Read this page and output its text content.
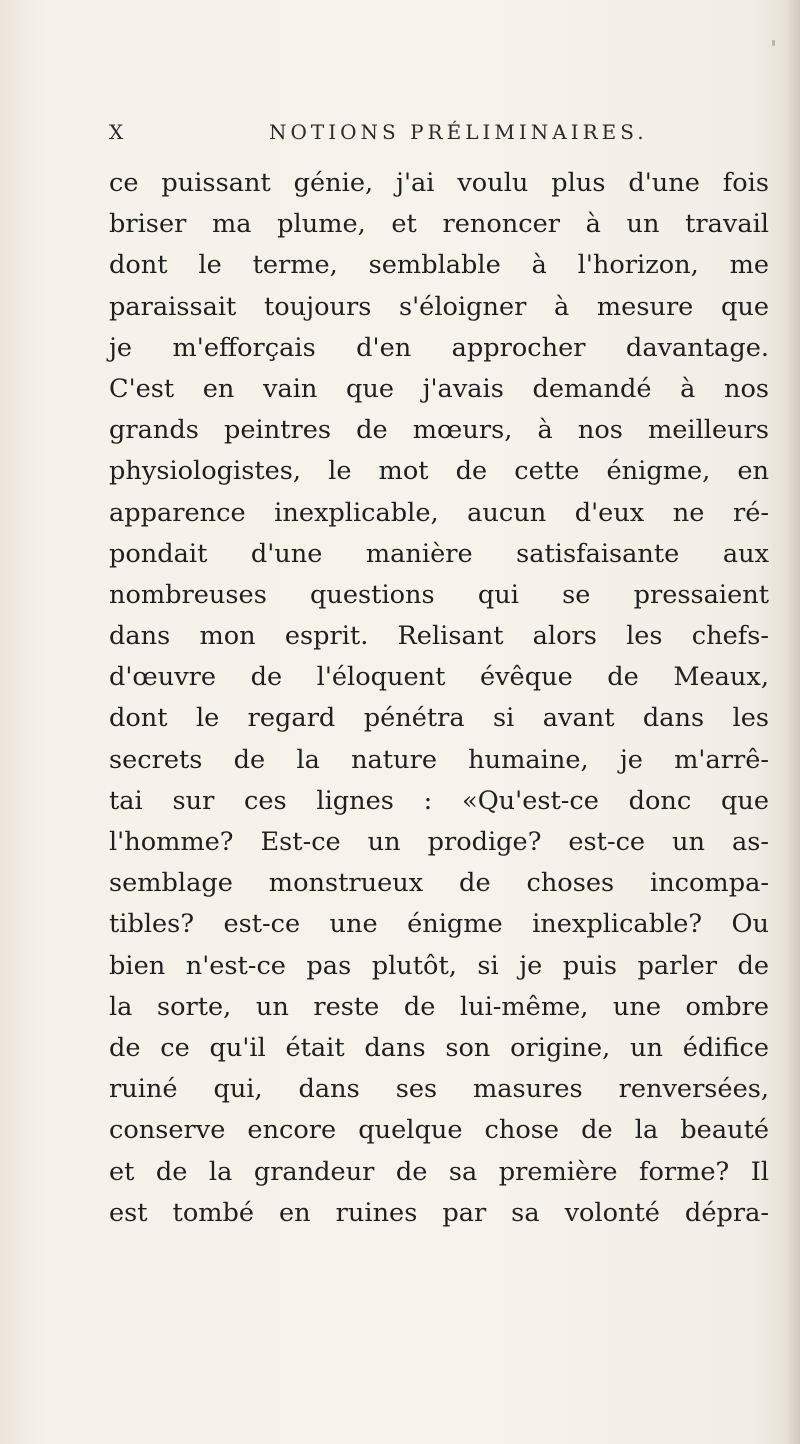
X	NOTIONS PRÉLIMINAIRES.
ce puissant génie, j'ai voulu plus d'une fois
briser ma plume, et renoncer à un travail
dont le terme, semblable à l'horizon, me
paraissait toujours s'éloigner à mesure que
je m'efforçais d'en approcher davantage.
C'est en vain que j'avais demandé à nos
grands peintres de mœurs, à nos meilleurs
physiologistes, le mot de cette énigme, en
apparence inexplicable, aucun d'eux ne ré-
pondait d'une manière satisfaisante aux
nombreuses questions qui se pressaient
dans mon esprit. Relisant alors les chefs-
d'œuvre de l'éloquent évêque de Meaux,
dont le regard pénétra si avant dans les
secrets de la nature humaine, je m'arrê-
tai sur ces lignes : «Qu'est-ce donc que
l'homme? Est-ce un prodige? est-ce un as-
semblage monstrueux de choses incompa-
tibles? est-ce une énigme inexplicable? Ou
bien n'est-ce pas plutôt, si je puis parler de
la sorte, un reste de lui-même, une ombre
de ce qu'il était dans son origine, un édifice
ruiné qui, dans ses masures renversées,
conserve encore quelque chose de la beauté
et de la grandeur de sa première forme? Il
est tombé en ruines par sa volonté dépra-
